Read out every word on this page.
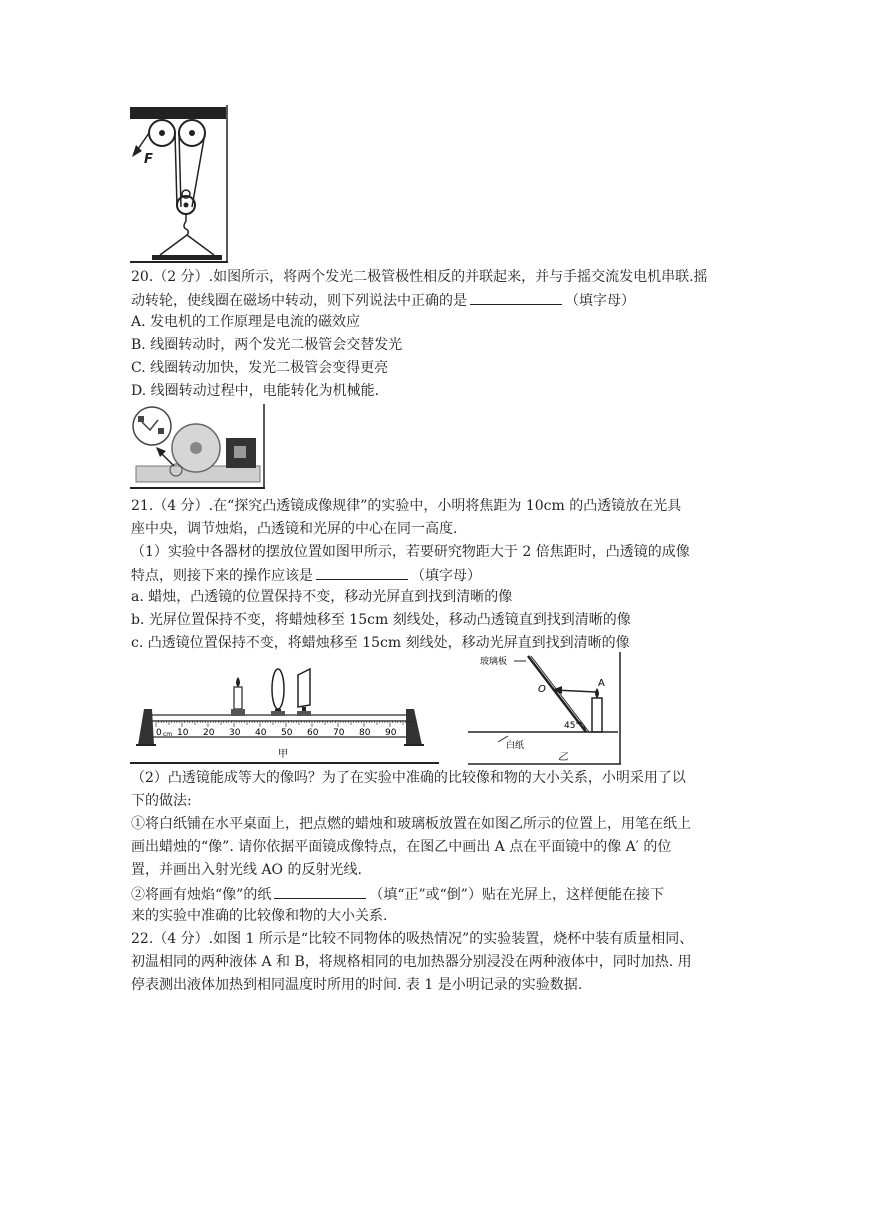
F
20.（2 分）.如图所示，将两个发光二极管极性相反的并联起来，并与手摇交流发电机串联.摇
动转轮，使线圈在磁场中转动，则下列说法中正确的是	（填字母）
A. 发电机的工作原理是电流的磁效应
B. 线圈转动时，两个发光二极管会交替发光
C. 线圈转动加快，发光二极管会变得更亮
D. 线圈转动过程中，电能转化为机械能.
21.（4 分）.在“探究凸透镜成像规律”的实验中，小明将焦距为 10cm 的凸透镜放在光具
座中央，调节烛焰，凸透镜和光屏的中心在同一高度.
（1）实验中各器材的摆放位置如图甲所示，若要研究物距大于 2 倍焦距时，凸透镜的成像
特点，则接下来的操作应该是	（填字母）
a. 蜡烛，凸透镜的位置保持不变，移动光屏直到找到清晰的像
b. 光屏位置保持不变，将蜡烛移至 15cm 刻线处，移动凸透镜直到找到清晰的像
c. 凸透镜位置保持不变，将蜡烛移至 15cm 刻线处，移动光屏直到找到清晰的像
0 cm 10 20 30 40 50 60 70 80 90
甲
玻璃板
A
O
45°
白纸
乙
（2）凸透镜能成等大的像吗？为了在实验中准确的比较像和物的大小关系，小明采用了以
下的做法:
①将白纸铺在水平桌面上，把点燃的蜡烛和玻璃板放置在如图乙所示的位置上，用笔在纸上
画出蜡烛的“像”. 请你依据平面镜成像特点，在图乙中画出 A 点在平面镜中的像 A′ 的位
置，并画出入射光线 AO 的反射光线.
②将画有烛焰“像”的纸	（填“正”或“倒”）贴在光屏上，这样便能在接下
来的实验中准确的比较像和物的大小关系.
22.（4 分）.如图 1 所示是“比较不同物体的吸热情况”的实验装置，烧杯中装有质量相同、
初温相同的两种液体 A 和 B，将规格相同的电加热器分别浸没在两种液体中，同时加热. 用
停表测出液体加热到相同温度时所用的时间. 表 1 是小明记录的实验数据.
